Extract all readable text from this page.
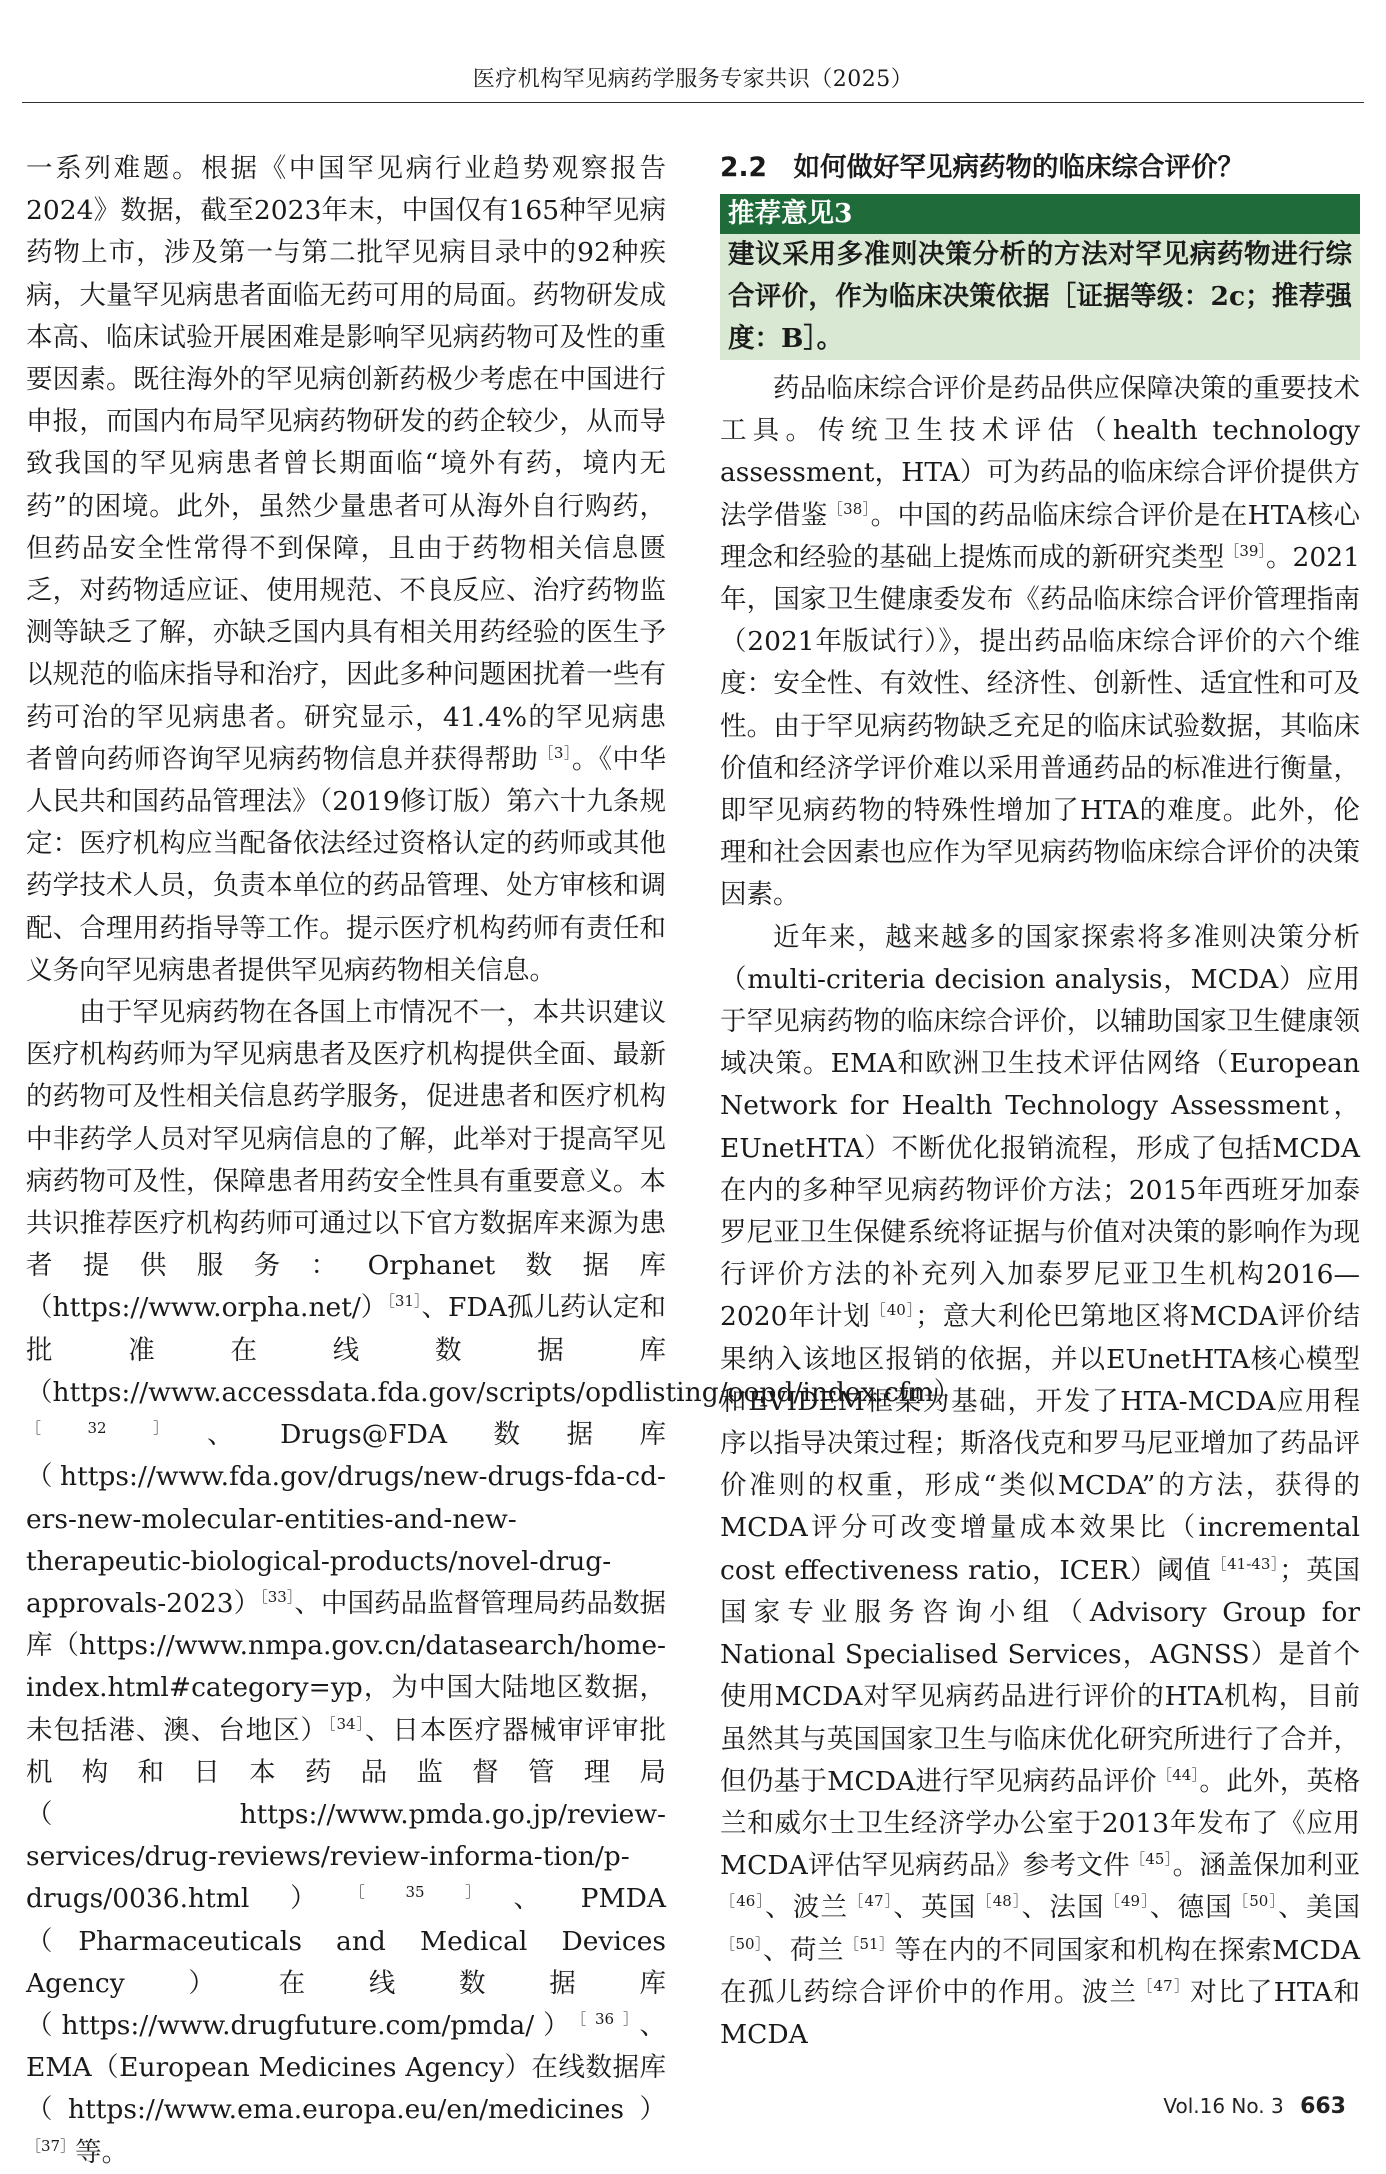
医疗机构罕见病药学服务专家共识（2025）

一系列难题。根据《中国罕见病行业趋势观察报告2024》数据，截至2023年末，中国仅有165种罕见病药物上市，涉及第一与第二批罕见病目录中的92种疾病，大量罕见病患者面临无药可用的局面。药物研发成本高、临床试验开展困难是影响罕见病药物可及性的重要因素。既往海外的罕见病创新药极少考虑在中国进行申报，而国内布局罕见病药物研发的药企较少，从而导致我国的罕见病患者曾长期面临“境外有药，境内无药”的困境。此外，虽然少量患者可从海外自行购药，但药品安全性常得不到保障，且由于药物相关信息匮乏，对药物适应证、使用规范、不良反应、治疗药物监测等缺乏了解，亦缺乏国内具有相关用药经验的医生予以规范的临床指导和治疗，因此多种问题困扰着一些有药可治的罕见病患者。研究显示，41.4%的罕见病患者曾向药师咨询罕见病药物信息并获得帮助$^{[3]}$。《中华人民共和国药品管理法》（2019修订版）第六十九条规定：医疗机构应当配备依法经过资格认定的药师或其他药学技术人员，负责本单位的药品管理、处方审核和调配、合理用药指导等工作。提示医疗机构药师有责任和义务向罕见病患者提供罕见病药物相关信息。

由于罕见病药物在各国上市情况不一，本共识建议医疗机构药师为罕见病患者及医疗机构提供全面、最新的药物可及性相关信息药学服务，促进患者和医疗机构中非药学人员对罕见病信息的了解，此举对于提高罕见病药物可及性，保障患者用药安全性具有重要意义。本共识推荐医疗机构药师可通过以下官方数据库来源为患者提供服务：Orphanet数据库（https://www.orpha.net/）$^{[31]}$、FDA孤儿药认定和批准在线数据库（https://www.accessdata.fda.gov/scripts/opdlisting/oopd/index.cfm）$^{[32]}$、Drugs@FDA数据库（https://www.fda.gov/drugs/new-drugs-fda-cd-ers-new-molecular-entities-and-new-therapeutic-biological-products/novel-drug-approvals-2023）$^{[33]}$、中国药品监督管理局药品数据库（https://www.nmpa.gov.cn/datasearch/home-index.html#category=yp，为中国大陆地区数据，未包括港、澳、台地区）$^{[34]}$、日本医疗器械审评审批机构和日本药品监督管理局（https://www.pmda.go.jp/review-services/drug-reviews/review-informa-tion/p-drugs/0036.html）$^{[35]}$、PMDA（Pharmaceuticals and Medical Devices Agency）在线数据库（https://www.drugfuture.com/pmda/）$^{[36]}$、EMA（European Medicines Agency）在线数据库（https://www.ema.europa.eu/en/medicines）$^{[37]}$等。

2.2　如何做好罕见病药物的临床综合评价？
推荐意见3
建议采用多准则决策分析的方法对罕见病药物进行综合评价，作为临床决策依据［证据等级：2c；推荐强度：B］。

药品临床综合评价是药品供应保障决策的重要技术工具。传统卫生技术评估（health technology assessment，HTA）可为药品的临床综合评价提供方法学借鉴$^{[38]}$。中国的药品临床综合评价是在HTA核心理念和经验的基础上提炼而成的新研究类型$^{[39]}$。2021年，国家卫生健康委发布《药品临床综合评价管理指南（2021年版试行）》，提出药品临床综合评价的六个维度：安全性、有效性、经济性、创新性、适宜性和可及性。由于罕见病药物缺乏充足的临床试验数据，其临床价值和经济学评价难以采用普通药品的标准进行衡量，即罕见病药物的特殊性增加了HTA的难度。此外，伦理和社会因素也应作为罕见病药物临床综合评价的决策因素。

近年来，越来越多的国家探索将多准则决策分析（multi-criteria decision analysis，MCDA）应用于罕见病药物的临床综合评价，以辅助国家卫生健康领域决策。EMA和欧洲卫生技术评估网络（European Network for Health Technology Assessment，EUnetHTA）不断优化报销流程，形成了包括MCDA在内的多种罕见病药物评价方法；2015年西班牙加泰罗尼亚卫生保健系统将证据与价值对决策的影响作为现行评价方法的补充列入加泰罗尼亚卫生机构2016—2020年计划$^{[40]}$；意大利伦巴第地区将MCDA评价结果纳入该地区报销的依据，并以EUnetHTA核心模型和EVIDEM框架为基础，开发了HTA-MCDA应用程序以指导决策过程；斯洛伐克和罗马尼亚增加了药品评价准则的权重，形成“类似MCDA”的方法，获得的MCDA评分可改变增量成本效果比（incremental cost effectiveness ratio，ICER）阈值$^{[41-43]}$；英国国家专业服务咨询小组（Advisory Group for National Specialised Services，AGNSS）是首个使用MCDA对罕见病药品进行评价的HTA机构，目前虽然其与英国国家卫生与临床优化研究所进行了合并，但仍基于MCDA进行罕见病药品评价$^{[44]}$。此外，英格兰和威尔士卫生经济学办公室于2013年发布了《应用MCDA评估罕见病药品》参考文件$^{[45]}$。涵盖保加利亚$^{[46]}$、波兰$^{[47]}$、英国$^{[48]}$、法国$^{[49]}$、德国$^{[50]}$、美国$^{[50]}$、荷兰$^{[51]}$等在内的不同国家和机构在探索MCDA在孤儿药综合评价中的作用。波兰$^{[47]}$对比了HTA和MCDA

Vol.16 No. 3 663
